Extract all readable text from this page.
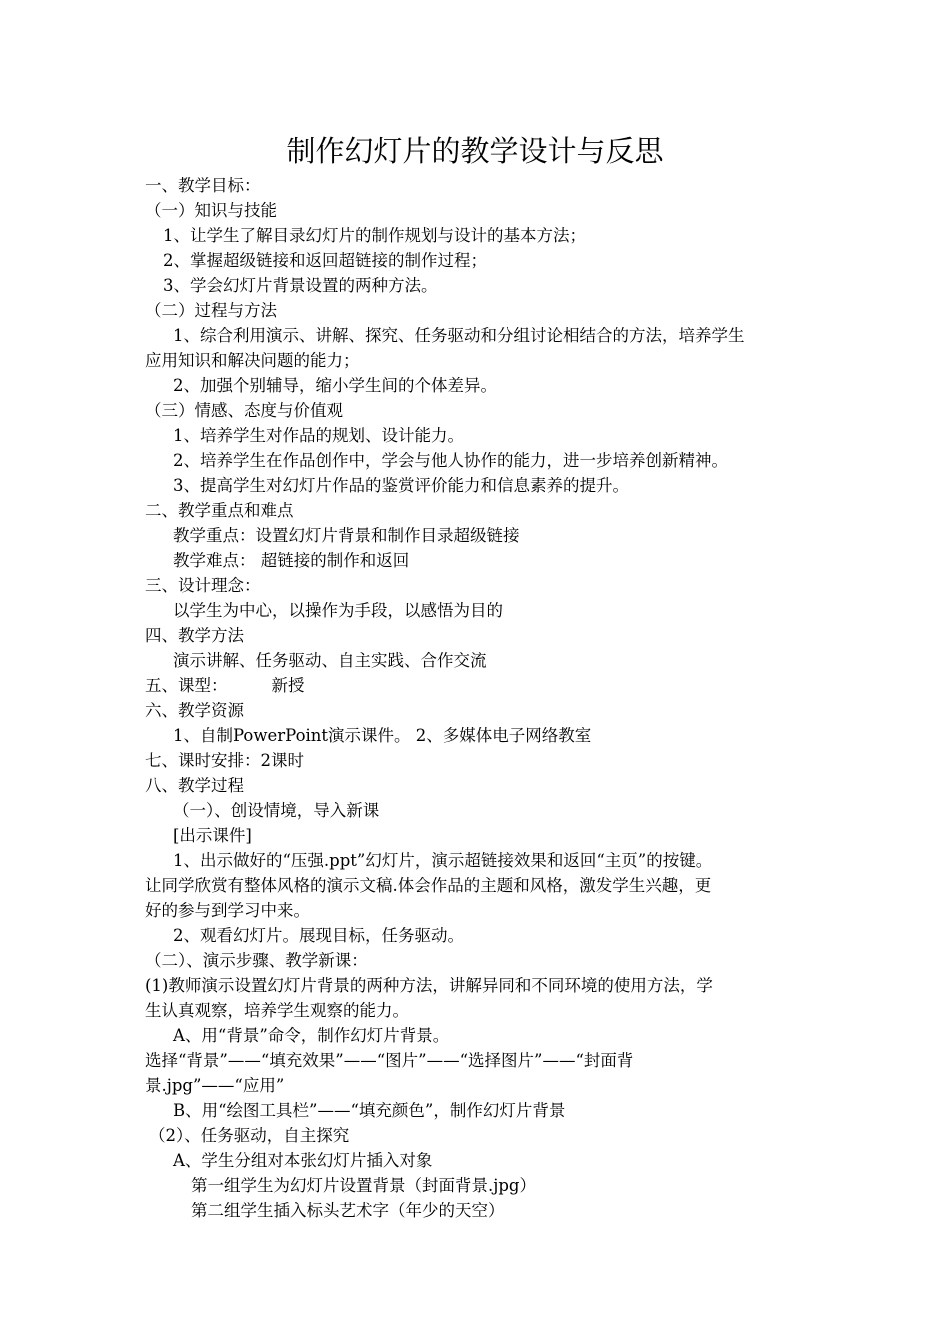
制作幻灯片的教学设计与反思
一、教学目标：
（一）知识与技能
1、让学生了解目录幻灯片的制作规划与设计的基本方法；
2、掌握超级链接和返回超链接的制作过程；
3、学会幻灯片背景设置的两种方法。
（二）过程与方法
1、综合利用演示、讲解、探究、任务驱动和分组讨论相结合的方法，培养学生
应用知识和解决问题的能力；
2、加强个别辅导，缩小学生间的个体差异。
（三）情感、态度与价值观
1、培养学生对作品的规划、设计能力。
2、培养学生在作品创作中，学会与他人协作的能力，进一步培养创新精神。
3、提高学生对幻灯片作品的鉴赏评价能力和信息素养的提升。
二、教学重点和难点
教学重点：设置幻灯片背景和制作目录超级链接
教学难点： 超链接的制作和返回
三、设计理念：
以学生为中心，以操作为手段，以感悟为目的
四、教学方法
演示讲解、任务驱动、自主实践、合作交流
五、课型：	新授
六、教学资源
1、自制PowerPoint演示课件。 2、多媒体电子网络教室
七、课时安排：2课时
八、教学过程
（一）、创设情境，导入新课
[出示课件]
1、出示做好的“压强.ppt”幻灯片，演示超链接效果和返回“主页”的按键。
让同学欣赏有整体风格的演示文稿.体会作品的主题和风格，激发学生兴趣，更
好的参与到学习中来。
2、观看幻灯片。展现目标，任务驱动。
（二）、演示步骤、教学新课：
(1)教师演示设置幻灯片背景的两种方法，讲解异同和不同环境的使用方法，学
生认真观察，培养学生观察的能力。
A、用“背景”命令，制作幻灯片背景。
选择“背景”——“填充效果”——“图片”——“选择图片”——“封面背
景.jpg”——“应用”
B、用“绘图工具栏”——“填充颜色”，制作幻灯片背景
（2）、任务驱动，自主探究
A、学生分组对本张幻灯片插入对象
第一组学生为幻灯片设置背景（封面背景.jpg）
第二组学生插入标头艺术字（年少的天空）
